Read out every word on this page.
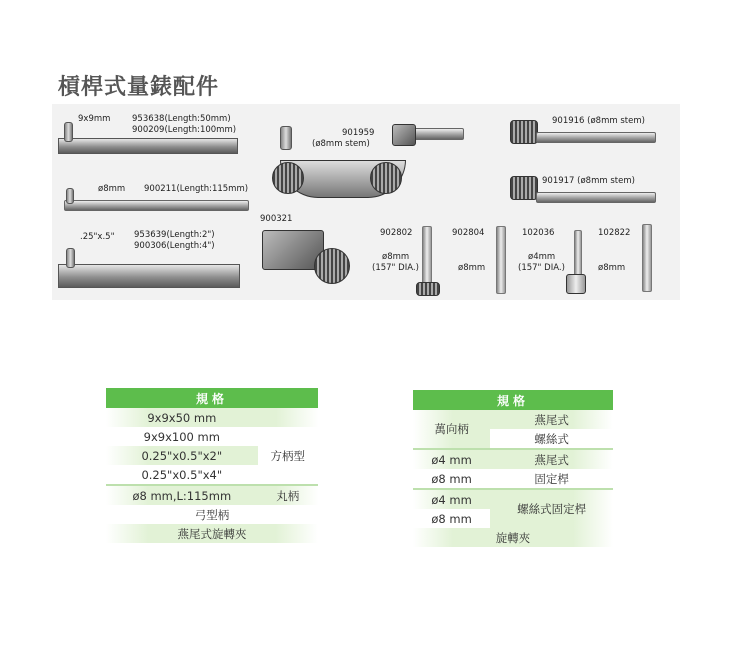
槓桿式量錶配件
9x9mm	953638(Length:50mm)
900209(Length:100mm)
ø8mm 900211(Length:115mm)
.25"x.5" 953639(Length:2")
900306(Length:4")
901959
(ø8mm stem)
900321
901916 (ø8mm stem)
901917 (ø8mm stem)
902802
ø8mm
(157" DIA.)
902804
ø8mm
102036
ø4mm
(157" DIA.)
102822
ø8mm
規格	
9x9x50 mm	
9x9x100 mm	方柄型
0.25"x0.5"x2"	
0.25"x0.5"x4"	
ø8 mm,L:115mm	丸柄
弓型柄	
燕尾式旋轉夾	
規格	
萬向柄	燕尾式
	螺絲式
ø4 mm	燕尾式
ø8 mm	固定桿
ø4 mm	螺絲式固定桿
ø8 mm	
旋轉夾	
